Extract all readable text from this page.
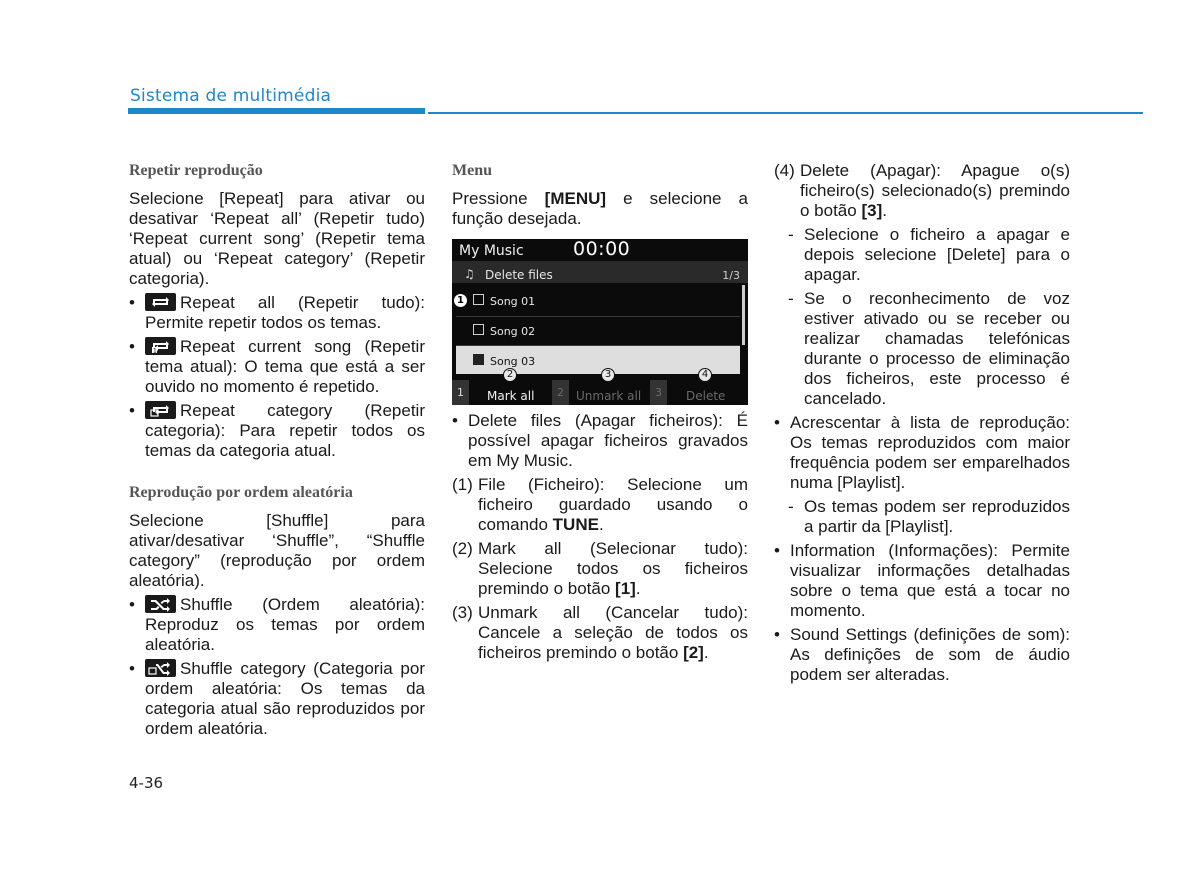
Sistema de multimédia
Repetir reprodução

Selecione [Repeat] para ativar ou desativar ‘Repeat all’ (Repetir tudo) ‘Repeat current song’ (Repetir tema atual) ou ‘Repeat category’ (Repetir categoria).

• Repeat all (Repetir tudo): Permite repetir todos os temas.
• 1 Repeat current song (Repetir tema atual): O tema que está a ser ouvido no momento é repetido.
• Repeat category (Repetir categoria): Para repetir todos os temas da categoria atual.
Reprodução por ordem aleatória

Selecione [Shuffle] para ativar/desativar ‘Shuffle”, “Shuffle category” (reprodução por ordem aleatória).

• Shuffle (Ordem aleatória): Reproduz os temas por ordem aleatória.
• Shuffle category (Categoria por ordem aleatória: Os temas da categoria atual são reproduzidos por ordem aleatória.
Menu

Pressione [MENU] e selecione a função desejada.

My Music	00:00
♫ Delete files	1/3
Song 01
Song 02
Song 03
1	Mark all	2	Unmark all	3	Delete
1
2	3	4
• Delete files (Apagar ficheiros): É possível apagar ficheiros gravados em My Music.
(1) File (Ficheiro): Selecione um ficheiro guardado usando o comando TUNE.
(2) Mark all (Selecionar tudo): Selecione todos os ficheiros premindo o botão [1].
(3) Unmark all (Cancelar tudo): Cancele a seleção de todos os ficheiros premindo o botão [2].
(4) Delete (Apagar): Apague o(s) ficheiro(s) selecionado(s) premindo o botão [3].
- Selecione o ficheiro a apagar e depois selecione [Delete] para o apagar.
- Se o reconhecimento de voz estiver ativado ou se receber ou realizar chamadas telefónicas durante o processo de eliminação dos ficheiros, este processo é cancelado.
• Acrescentar à lista de reprodução: Os temas reproduzidos com maior frequência podem ser emparelhados numa [Playlist].
- Os temas podem ser reproduzidos a partir da [Playlist].
• Information (Informações): Permite visualizar informações detalhadas sobre o tema que está a tocar no momento.
• Sound Settings (definições de som): As definições de som de áudio podem ser alteradas.
4-36
